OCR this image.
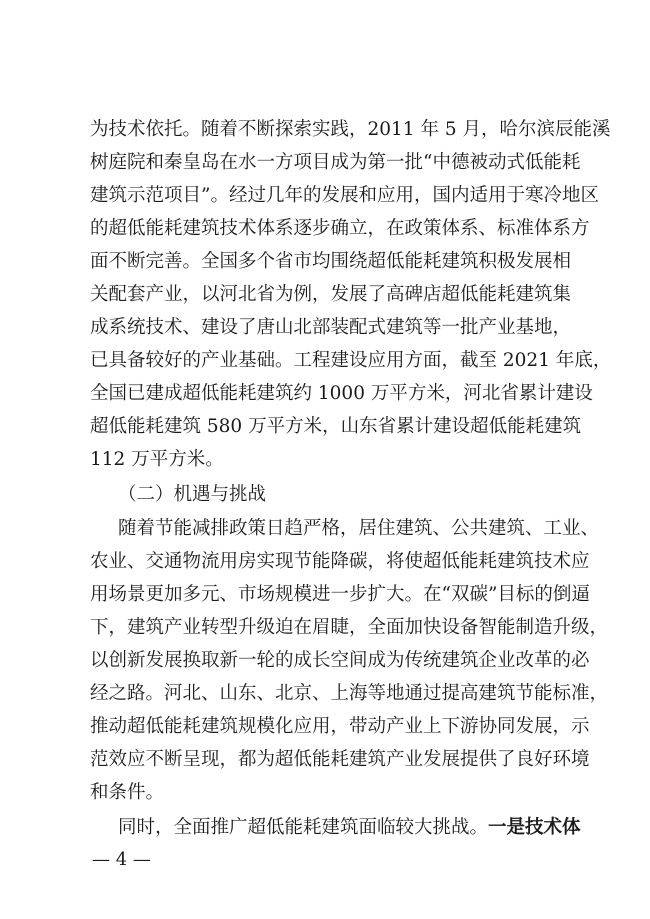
为技术依托。随着不断探索实践，2011 年 5 月，哈尔滨辰能溪
树庭院和秦皇岛在水一方项目成为第一批“中德被动式低能耗
建筑示范项目”。经过几年的发展和应用，国内适用于寒冷地区
的超低能耗建筑技术体系逐步确立，在政策体系、标准体系方
面不断完善。全国多个省市均围绕超低能耗建筑积极发展相
关配套产业，以河北省为例，发展了高碑店超低能耗建筑集
成系统技术、建设了唐山北部装配式建筑等一批产业基地，
已具备较好的产业基础。工程建设应用方面，截至 2021 年底，
全国已建成超低能耗建筑约 1000 万平方米，河北省累计建设
超低能耗建筑 580 万平方米，山东省累计建设超低能耗建筑
112 万平方米。
（二）机遇与挑战
随着节能减排政策日趋严格，居住建筑、公共建筑、工业、
农业、交通物流用房实现节能降碳，将使超低能耗建筑技术应
用场景更加多元、市场规模进一步扩大。在“双碳”目标的倒逼
下，建筑产业转型升级迫在眉睫，全面加快设备智能制造升级，
以创新发展换取新一轮的成长空间成为传统建筑企业改革的必
经之路。河北、山东、北京、上海等地通过提高建筑节能标准，
推动超低能耗建筑规模化应用，带动产业上下游协同发展，示
范效应不断呈现，都为超低能耗建筑产业发展提供了良好环境
和条件。
同时，全面推广超低能耗建筑面临较大挑战。一是技术体
— 4 —
